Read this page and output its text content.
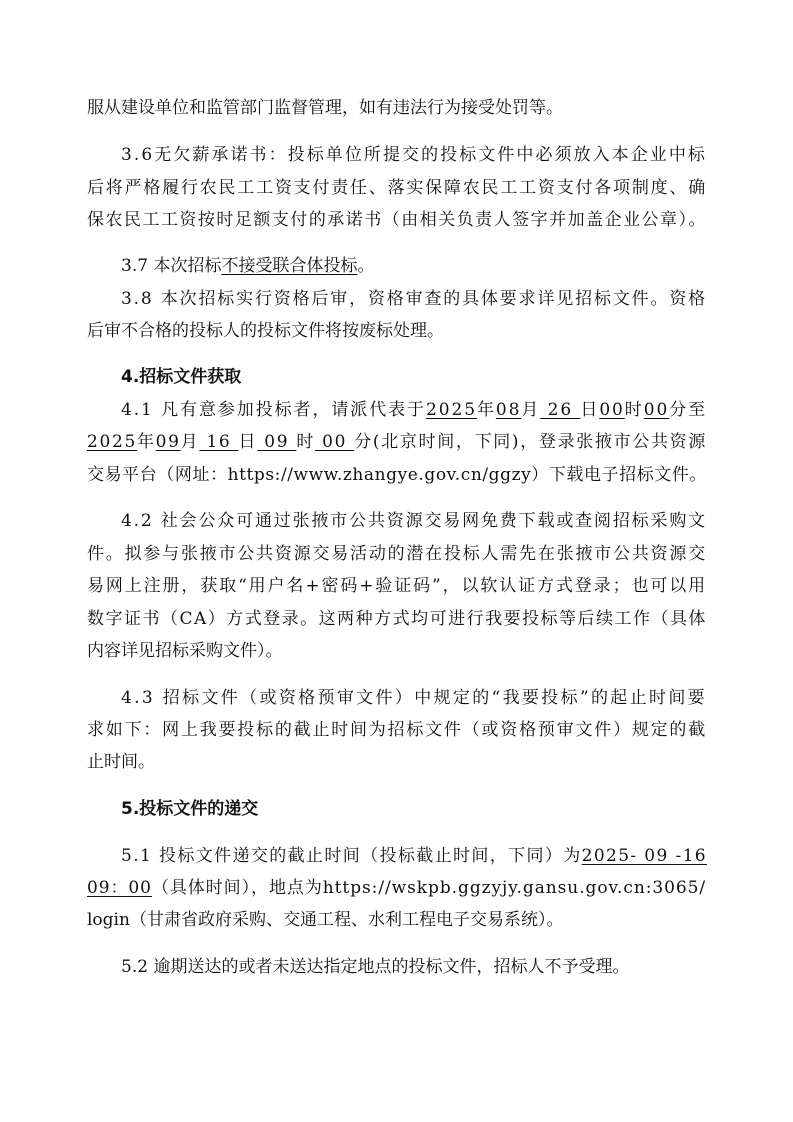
服从建设单位和监管部门监督管理，如有违法行为接受处罚等。
3.6无欠薪承诺书：投标单位所提交的投标文件中必须放入本企业中标
后将严格履行农民工工资支付责任、落实保障农民工工资支付各项制度、确
保农民工工资按时足额支付的承诺书（由相关负责人签字并加盖企业公章）。
3.7 本次招标不接受联合体投标。
3.8 本次招标实行资格后审，资格审查的具体要求详见招标文件。资格
后审不合格的投标人的投标文件将按废标处理。
4.招标文件获取
4.1 凡有意参加投标者，请派代表于2025年08月 26 日00时00分至
2025年09月 16 日 09 时 00 分(北京时间，下同)，登录张掖市公共资源
交易平台（网址：https://www.zhangye.gov.cn/ggzy）下载电子招标文件。
4.2 社会公众可通过张掖市公共资源交易网免费下载或查阅招标采购文
件。拟参与张掖市公共资源交易活动的潜在投标人需先在张掖市公共资源交
易网上注册，获取“用户名+密码+验证码”，以软认证方式登录；也可以用
数字证书（CA）方式登录。这两种方式均可进行我要投标等后续工作（具体
内容详见招标采购文件）。
4.3 招标文件（或资格预审文件）中规定的“我要投标”的起止时间要
求如下：网上我要投标的截止时间为招标文件（或资格预审文件）规定的截
止时间。
5.投标文件的递交
5.1 投标文件递交的截止时间（投标截止时间，下同）为2025- 09 -16
09：00（具体时间），地点为https://wskpb.ggzyjy.gansu.gov.cn:3065/
login（甘肃省政府采购、交通工程、水利工程电子交易系统）。
5.2 逾期送达的或者未送达指定地点的投标文件，招标人不予受理。
